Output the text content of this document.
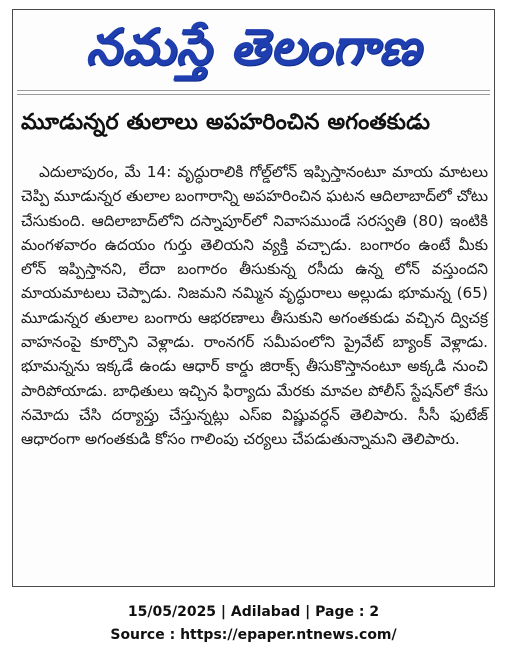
నమస్తే తెలంగాణ
మూడున్నర తులాలు అపహరించిన అగంతకుడు

ఎదులాపురం, మే 14: వృద్ధురాలికి గోల్డ్‌లోన్ ఇప్పిస్తానంటూ మాయ మాటలు చెప్పి మూడున్నర తులాల బంగారాన్ని అపహరించిన ఘటన ఆదిలాబాద్‌లో చోటు చేసుకుంది. ఆదిలాబాద్‌లోని దస్నాపూర్‌లో నివాసముండే సరస్వతి (80) ఇంటికి మంగళవారం ఉదయం గుర్తు తెలియని వ్యక్తి వచ్చాడు. బంగారం ఉంటే మీకు లోన్ ఇప్పిస్తానని, లేదా బంగారం తీసుకున్న రసీదు ఉన్న లోన్ వస్తుందని మాయమాటలు చెప్పాడు. నిజమని నమ్మిన వృద్ధురాలు అల్లుడు భూమన్న (65) మూడున్నర తులాల బంగారు ఆభరణాలు తీసుకుని అగంతకుడు వచ్చిన ద్విచక్ర వాహనంపై కూర్చొని వెళ్లాడు. రాంనగర్ సమీపంలోని ప్రైవేట్ బ్యాంక్ వెళ్లాడు. భూమన్నను ఇక్కడే ఉండు ఆధార్ కార్డు జిరాక్స్ తీసుకొస్తానంటూ అక్కడి నుంచి పారిపోయాడు. బాధితులు ఇచ్చిన ఫిర్యాదు మేరకు మావల పోలీస్ స్టేషన్‌లో కేసు నమోదు చేసి దర్యాప్తు చేస్తున్నట్లు ఎస్ఐ విష్ణువర్ధన్ తెలిపారు. సీసీ ఫుటేజ్ ఆధారంగా అగంతకుడి కోసం గాలింపు చర్యలు చేపడుతున్నామని తెలిపారు.

15/05/2025 | Adilabad | Page : 2
Source : https://epaper.ntnews.com/
